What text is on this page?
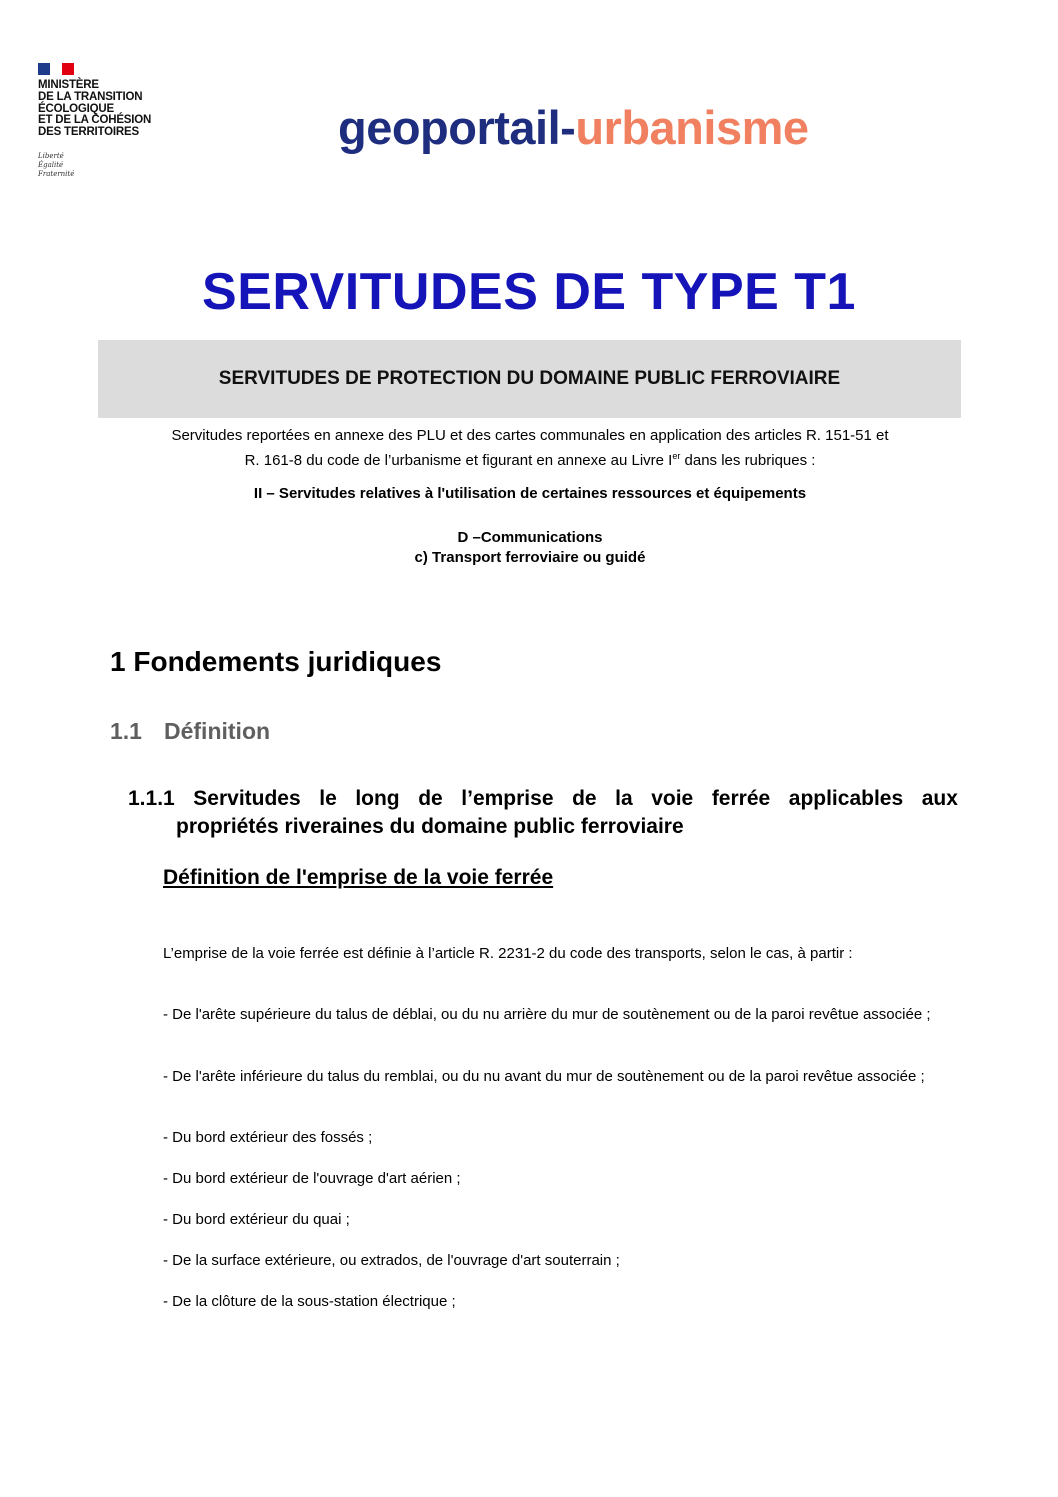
MINISTÈRE
DE LA TRANSITION
ÉCOLOGIQUE
ET DE LA COHÉSION
DES TERRITOIRES
Liberté
Égalité
Fraternité
geoportail-urbanisme
SERVITUDES DE TYPE T1
SERVITUDES DE PROTECTION DU DOMAINE PUBLIC FERROVIAIRE
Servitudes reportées en annexe des PLU et des cartes communales en application des articles R. 151-51 et
R. 161-8 du code de l’urbanisme et figurant en annexe au Livre Ier dans les rubriques :
II – Servitudes relatives à l'utilisation de certaines ressources et équipements
D –Communications
c) Transport ferroviaire ou guidé
1 Fondements juridiques
1.1 Définition
1.1.1 Servitudes le long de l’emprise de la voie ferrée applicables aux
propriétés riveraines du domaine public ferroviaire
Définition de l'emprise de la voie ferrée
L’emprise de la voie ferrée est définie à l’article R. 2231-2 du code des transports, selon le cas, à partir :
- De l'arête supérieure du talus de déblai, ou du nu arrière du mur de soutènement ou de la paroi revêtue associée ;
- De l'arête inférieure du talus du remblai, ou du nu avant du mur de soutènement ou de la paroi revêtue associée ;
- Du bord extérieur des fossés ;
- Du bord extérieur de l'ouvrage d'art aérien ;
- Du bord extérieur du quai ;
- De la surface extérieure, ou extrados, de l'ouvrage d'art souterrain ;
- De la clôture de la sous-station électrique ;
